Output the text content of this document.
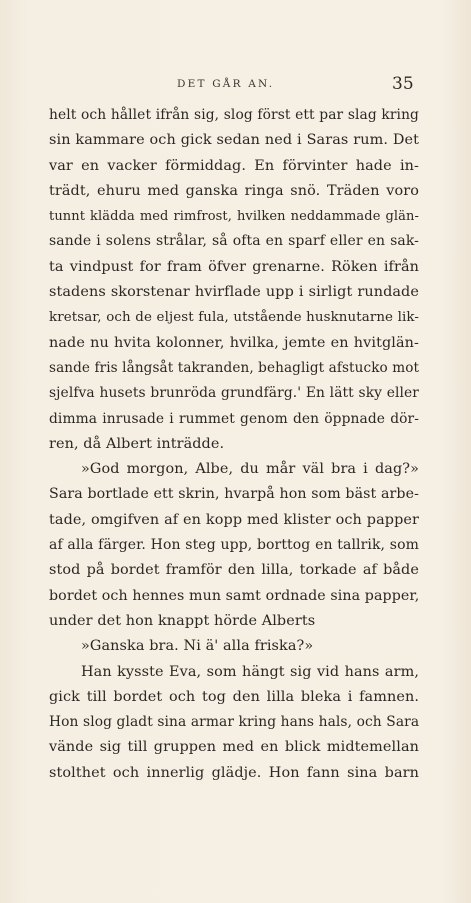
DET GÅR AN.	35
helt och hållet ifrån sig, slog först ett par slag kring
sin kammare och gick sedan ned i Saras rum. Det
var en vacker förmiddag. En förvinter hade in-
trädt, ehuru med ganska ringa snö. Träden voro
tunnt klädda med rimfrost, hvilken neddammade glän-
sande i solens strålar, så ofta en sparf eller en sak-
ta vindpust for fram öfver grenarne. Röken ifrån
stadens skorstenar hvirflade upp i sirligt rundade
kretsar, och de eljest fula, utstående husknutarne lik-
nade nu hvita kolonner, hvilka, jemte en hvitglän-
sande fris långsåt takranden, behagligt afstucko mot
sjelfva husets brunröda grundfärg.' En lätt sky eller
dimma inrusade i rummet genom den öppnade dör-
ren, då Albert inträdde.
»God morgon, Albe, du mår väl bra i dag?»
Sara bortlade ett skrin, hvarpå hon som bäst arbe-
tade, omgifven af en kopp med klister och papper
af alla färger. Hon steg upp, borttog en tallrik, som
stod på bordet framför den lilla, torkade af både
bordet och hennes mun samt ordnade sina papper,
under det hon knappt hörde Alberts
»Ganska bra. Ni ä' alla friska?»
Han kysste Eva, som hängt sig vid hans arm,
gick till bordet och tog den lilla bleka i famnen.
Hon slog gladt sina armar kring hans hals, och Sara
vände sig till gruppen med en blick midtemellan
stolthet och innerlig glädje. Hon fann sina barn
